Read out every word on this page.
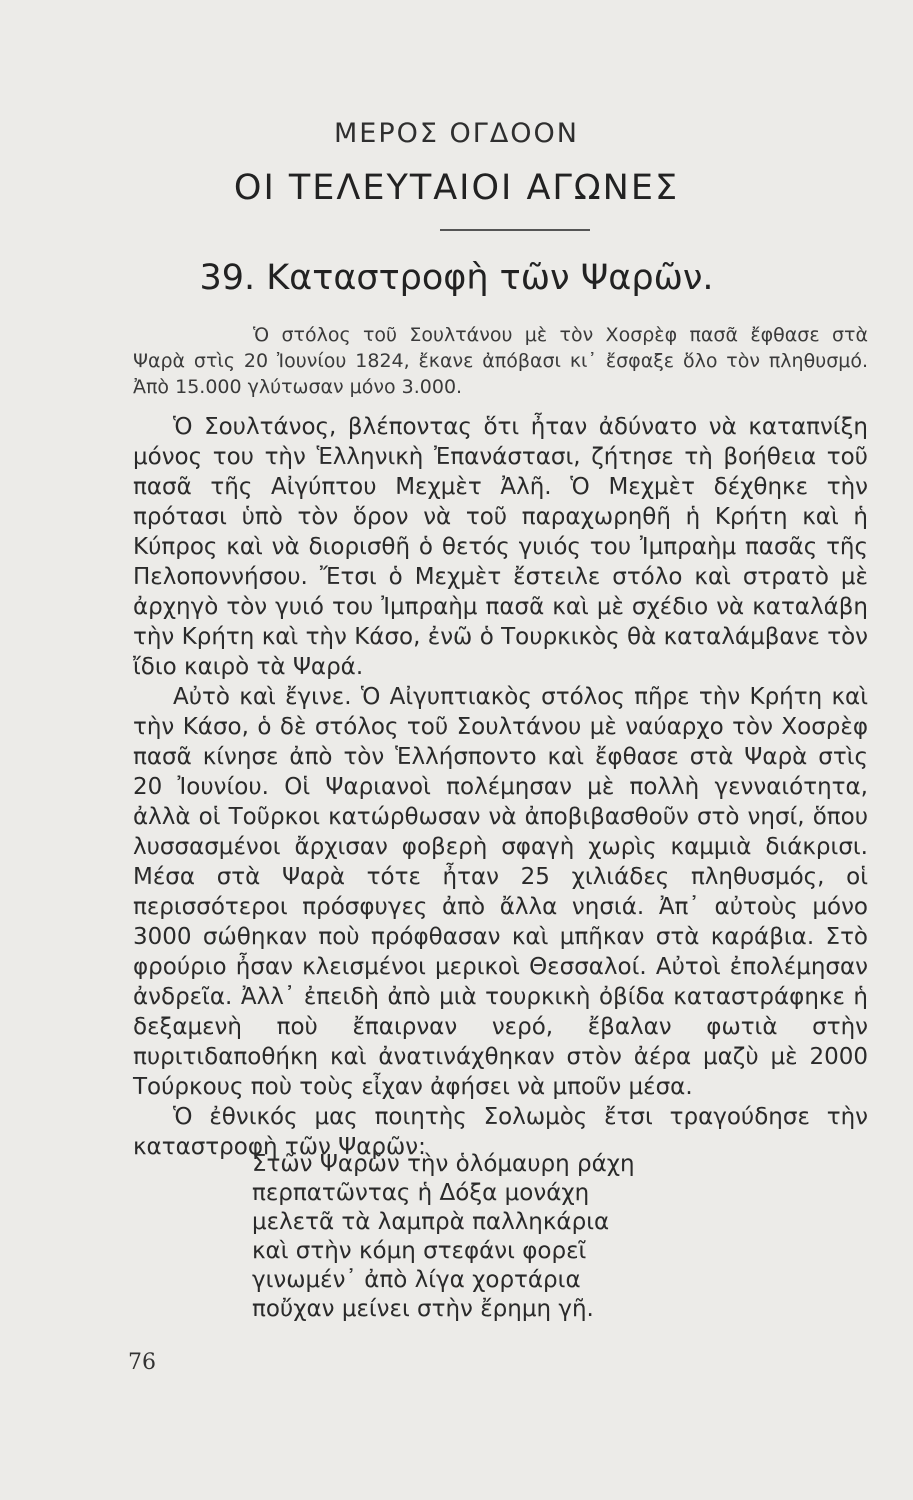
ΜΕΡΟΣ ΟΓΔΟΟΝ
ΟΙ ΤΕΛΕΥΤΑΙΟΙ ΑΓΩΝΕΣ
39. Καταστροφὴ τῶν Ψαρῶν.

Ὁ στόλος τοῦ Σουλτάνου μὲ τὸν Χοσρὲφ πασᾶ ἔφθασε στὰ Ψαρὰ στὶς 20 Ἰουνίου 1824, ἔκανε ἀπόβασι κι᾽ ἔσφαξε ὅλο τὸν πληθυσμό. Ἀπὸ 15.000 γλύτωσαν μόνο 3.000.

Ὁ Σουλτάνος, βλέποντας ὅτι ἦταν ἀδύνατο νὰ καταπνίξη μόνος του τὴν Ἑλληνικὴ Ἐπανάστασι, ζήτησε τὴ βοήθεια τοῦ πασᾶ τῆς Αἰγύπτου Μεχμὲτ Ἀλῆ. Ὁ Μεχμὲτ δέχθηκε τὴν πρότασι ὑπὸ τὸν ὅρον νὰ τοῦ παραχωρηθῆ ἡ Κρήτη καὶ ἡ Κύπρος καὶ νὰ διορισθῆ ὁ θετός γυιός του Ἰμπραὴμ πασᾶς τῆς Πελοποννήσου. Ἔτσι ὁ Μεχμὲτ ἔστειλε στόλο καὶ στρατὸ μὲ ἀρχηγὸ τὸν γυιό του Ἰμπραὴμ πασᾶ καὶ μὲ σχέδιο νὰ καταλάβη τὴν Κρήτη καὶ τὴν Κάσο, ἐνῶ ὁ Τουρκικὸς θὰ καταλάμβανε τὸν ἴδιο καιρὸ τὰ Ψαρά.

Αὐτὸ καὶ ἔγινε. Ὁ Αἰγυπτιακὸς στόλος πῆρε τὴν Κρήτη καὶ τὴν Κάσο, ὁ δὲ στόλος τοῦ Σουλτάνου μὲ ναύαρχο τὸν Χοσρὲφ πασᾶ κίνησε ἀπὸ τὸν Ἑλλήσποντο καὶ ἔφθασε στὰ Ψαρὰ στὶς 20 Ἰουνίου. Οἱ Ψαριανοὶ πολέμησαν μὲ πολλὴ γενναιότητα, ἀλλὰ οἱ Τοῦρκοι κατώρθωσαν νὰ ἀποβιβασθοῦν στὸ νησί, ὅπου λυσσασμένοι ἄρχισαν φοβερὴ σφαγὴ χωρὶς καμμιὰ διάκρισι. Μέσα στὰ Ψαρὰ τότε ἦταν 25 χιλιάδες πληθυσμός, οἱ περισσότεροι πρόσφυγες ἀπὸ ἄλλα νησιά. Ἀπ᾽ αὐτοὺς μόνο 3000 σώθηκαν ποὺ πρόφθασαν καὶ μπῆκαν στὰ καράβια. Στὸ φρούριο ἦσαν κλεισμένοι μερικοὶ Θεσσαλοί. Αὐτοὶ ἐπολέμησαν ἀνδρεῖα. Ἀλλ᾽ ἐπειδὴ ἀπὸ μιὰ τουρκικὴ ὀβίδα καταστράφηκε ἡ δεξαμενὴ ποὺ ἔπαιρναν νερό, ἔβαλαν φωτιὰ στὴν πυριτιδαποθήκη καὶ ἀνατινάχθηκαν στὸν ἀέρα μαζὺ μὲ 2000 Τούρκους ποὺ τοὺς εἶχαν ἀφήσει νὰ μποῦν μέσα.

Ὁ ἐθνικός μας ποιητὴς Σολωμὸς ἔτσι τραγούδησε τὴν καταστροφὴ τῶν Ψαρῶν:

Στῶν Ψαρῶν τὴν ὁλόμαυρη ράχη
περπατῶντας ἡ Δόξα μονάχη
μελετᾶ τὰ λαμπρὰ παλληκάρια
καὶ στὴν κόμη στεφάνι φορεῖ
γινωμέν᾽ ἀπὸ λίγα χορτάρια
ποὔχαν μείνει στὴν ἔρημη γῆ.
76
